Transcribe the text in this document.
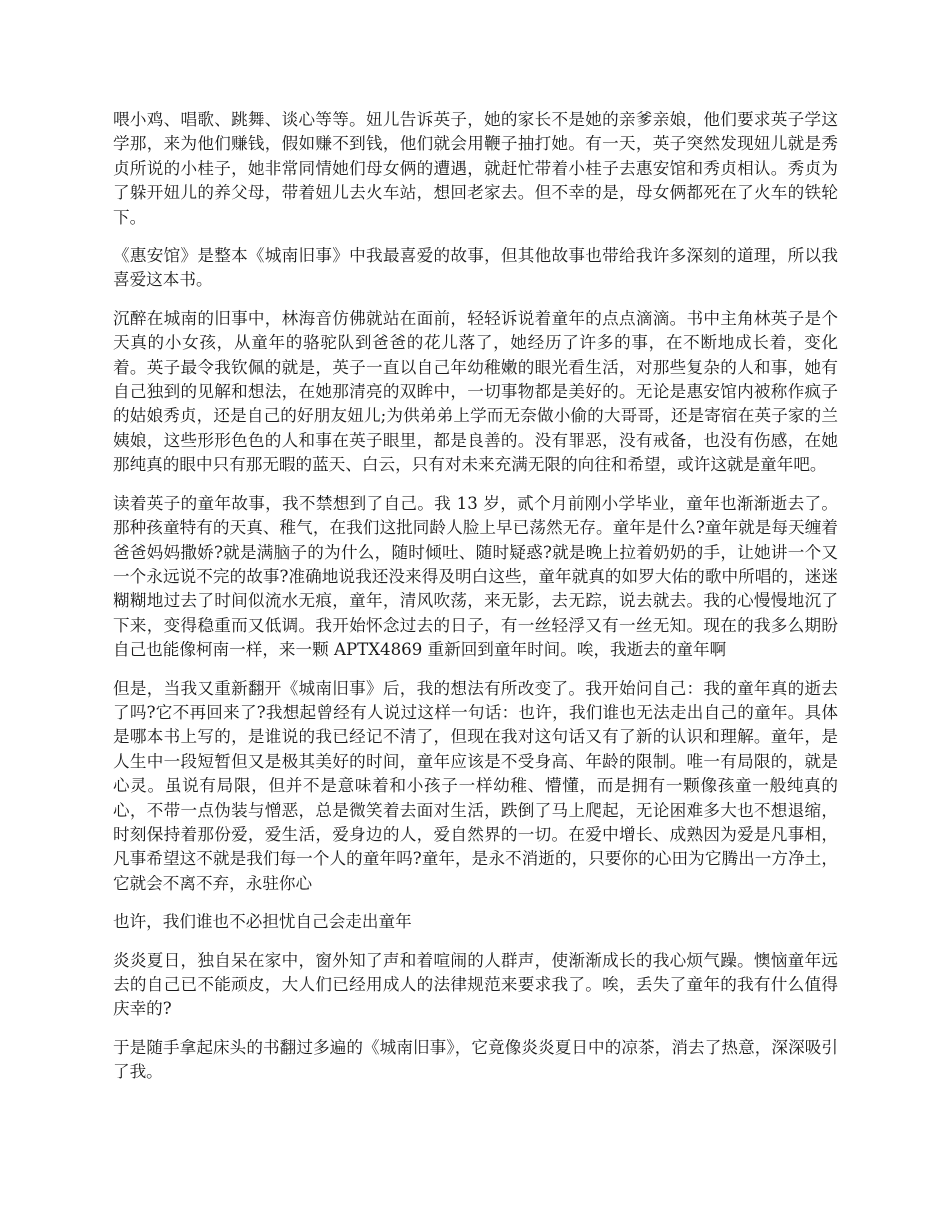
喂小鸡、唱歌、跳舞、谈心等等。妞儿告诉英子，她的家长不是她的亲爹亲娘，他们要求英子学这学那，来为他们赚钱，假如赚不到钱，他们就会用鞭子抽打她。有一天，英子突然发现妞儿就是秀贞所说的小桂子，她非常同情她们母女俩的遭遇，就赶忙带着小桂子去惠安馆和秀贞相认。秀贞为了躲开妞儿的养父母，带着妞儿去火车站，想回老家去。但不幸的是，母女俩都死在了火车的铁轮下。

《惠安馆》是整本《城南旧事》中我最喜爱的故事，但其他故事也带给我许多深刻的道理，所以我喜爱这本书。

沉醉在城南的旧事中，林海音仿佛就站在面前，轻轻诉说着童年的点点滴滴。书中主角林英子是个天真的小女孩，从童年的骆驼队到爸爸的花儿落了，她经历了许多的事，在不断地成长着，变化着。英子最令我钦佩的就是，英子一直以自己年幼稚嫩的眼光看生活，对那些复杂的人和事，她有自己独到的见解和想法，在她那清亮的双眸中，一切事物都是美好的。无论是惠安馆内被称作疯子的姑娘秀贞，还是自己的好朋友妞儿;为供弟弟上学而无奈做小偷的大哥哥，还是寄宿在英子家的兰姨娘，这些形形色色的人和事在英子眼里，都是良善的。没有罪恶，没有戒备，也没有伤感，在她那纯真的眼中只有那无暇的蓝天、白云，只有对未来充满无限的向往和希望，或许这就是童年吧。

读着英子的童年故事，我不禁想到了自己。我 13 岁，贰个月前刚小学毕业，童年也渐渐逝去了。那种孩童特有的天真、稚气，在我们这批同龄人脸上早已荡然无存。童年是什么?童年就是每天缠着爸爸妈妈撒娇?就是满脑子的为什么，随时倾吐、随时疑惑?就是晚上拉着奶奶的手，让她讲一个又一个永远说不完的故事?准确地说我还没来得及明白这些，童年就真的如罗大佑的歌中所唱的，迷迷糊糊地过去了时间似流水无痕，童年，清风吹荡，来无影，去无踪，说去就去。我的心慢慢地沉了下来，变得稳重而又低调。我开始怀念过去的日子，有一丝轻浮又有一丝无知。现在的我多么期盼自己也能像柯南一样，来一颗 APTX4869 重新回到童年时间。唉，我逝去的童年啊

但是，当我又重新翻开《城南旧事》后，我的想法有所改变了。我开始问自己：我的童年真的逝去了吗?它不再回来了?我想起曾经有人说过这样一句话：也许，我们谁也无法走出自己的童年。具体是哪本书上写的，是谁说的我已经记不清了，但现在我对这句话又有了新的认识和理解。童年，是人生中一段短暂但又是极其美好的时间，童年应该是不受身高、年龄的限制。唯一有局限的，就是心灵。虽说有局限，但并不是意味着和小孩子一样幼稚、懵懂，而是拥有一颗像孩童一般纯真的心，不带一点伪装与憎恶，总是微笑着去面对生活，跌倒了马上爬起，无论困难多大也不想退缩，时刻保持着那份爱，爱生活，爱身边的人，爱自然界的一切。在爱中增长、成熟因为爱是凡事相，凡事希望这不就是我们每一个人的童年吗?童年，是永不消逝的，只要你的心田为它腾出一方净土，它就会不离不弃，永驻你心

也许，我们谁也不必担忧自己会走出童年

炎炎夏日，独自呆在家中，窗外知了声和着喧闹的人群声，使渐渐成长的我心烦气躁。懊恼童年远去的自己已不能顽皮，大人们已经用成人的法律规范来要求我了。唉，丢失了童年的我有什么值得庆幸的?

于是随手拿起床头的书翻过多遍的《城南旧事》，它竟像炎炎夏日中的凉茶，消去了热意，深深吸引了我。
